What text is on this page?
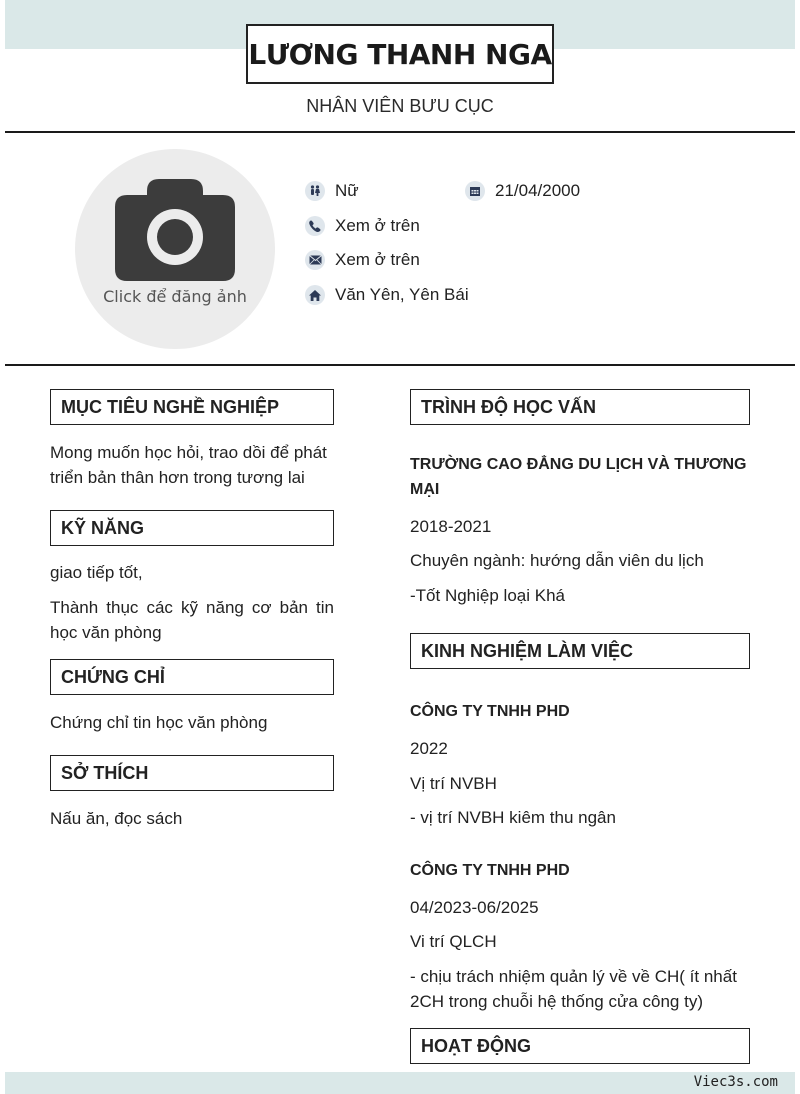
LƯƠNG THANH NGA
NHÂN VIÊN BƯU CỤC
Click để đăng ảnh
Nữ	21/04/2000
Xem ở trên
Xem ở trên
Văn Yên, Yên Bái
MỤC TIÊU NGHỀ NGHIỆP
Mong muốn học hỏi, trao dồi để phát triển bản thân hơn trong tương lai
KỸ NĂNG
giao tiếp tốt,
Thành thục các kỹ năng cơ bản tin học văn phòng
CHỨNG CHỈ
Chứng chỉ tin học văn phòng
SỞ THÍCH
Nấu ăn, đọc sách
TRÌNH ĐỘ HỌC VẤN
TRƯỜNG CAO ĐẲNG DU LỊCH VÀ THƯƠNG MẠI
2018-2021
Chuyên ngành: hướng dẫn viên du lịch
-Tốt Nghiệp loại Khá
KINH NGHIỆM LÀM VIỆC
CÔNG TY TNHH PHD
2022
Vị trí NVBH
- vị trí NVBH kiêm thu ngân
CÔNG TY TNHH PHD
04/2023-06/2025
Vi trí QLCH
- chịu trách nhiệm quản lý về về CH( ít nhất 2CH trong chuỗi hệ thống cửa công ty)
HOẠT ĐỘNG
Viec3s.com
